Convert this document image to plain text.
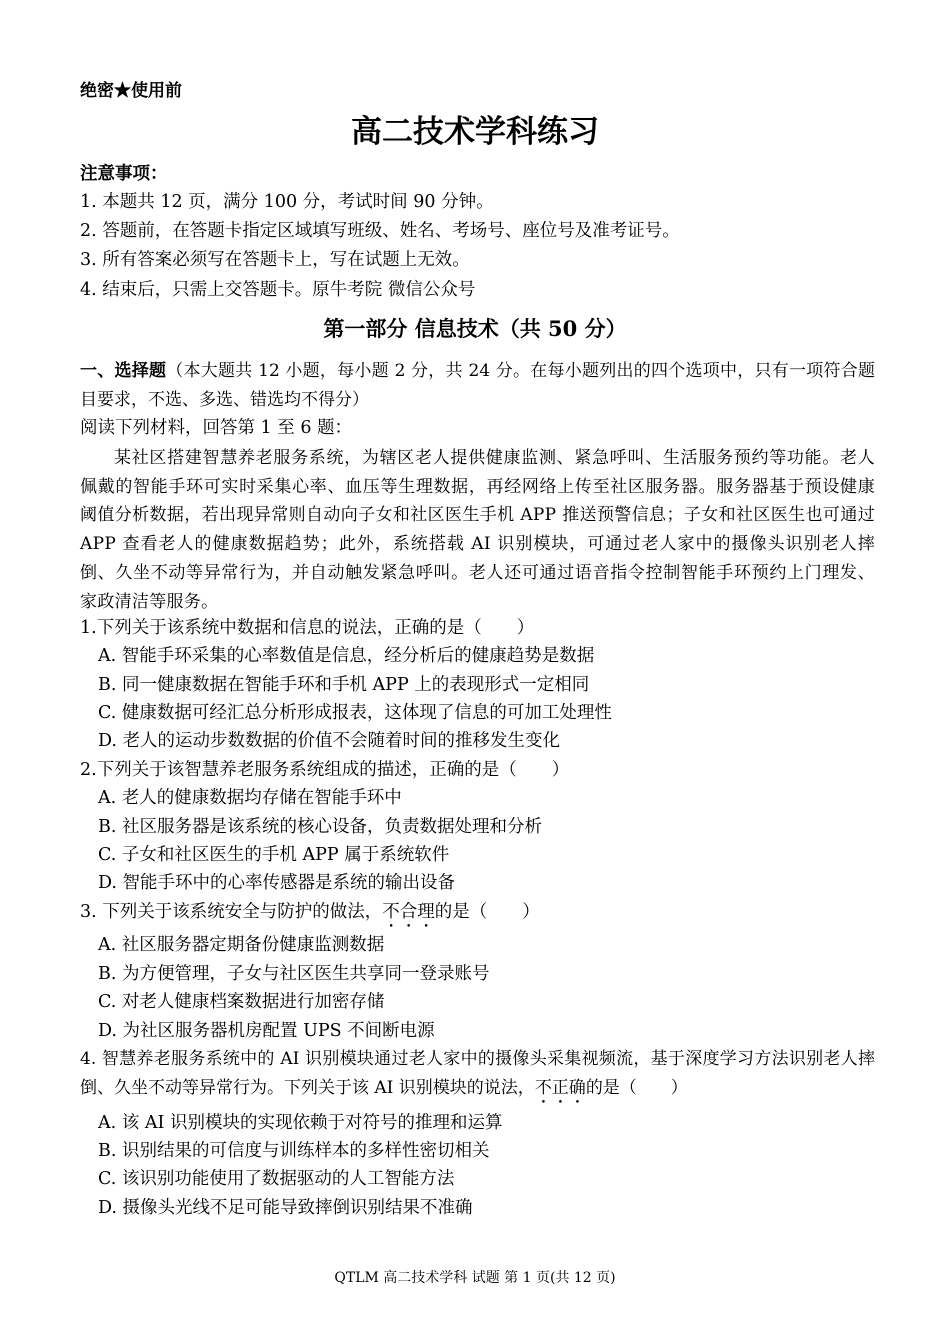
绝密★使用前
高二技术学科练习
注意事项：
1. 本题共 12 页，满分 100 分，考试时间 90 分钟。
2. 答题前，在答题卡指定区域填写班级、姓名、考场号、座位号及准考证号。
3. 所有答案必须写在答题卡上，写在试题上无效。
4. 结束后，只需上交答题卡。原牛考院 微信公众号
第一部分 信息技术（共 50 分）
一、选择题（本大题共 12 小题，每小题 2 分，共 24 分。在每小题列出的四个选项中，只有一项符合题目要求，不选、多选、错选均不得分）
阅读下列材料，回答第 1 至 6 题：
某社区搭建智慧养老服务系统，为辖区老人提供健康监测、紧急呼叫、生活服务预约等功能。老人佩戴的智能手环可实时采集心率、血压等生理数据，再经网络上传至社区服务器。服务器基于预设健康阈值分析数据，若出现异常则自动向子女和社区医生手机 APP 推送预警信息；子女和社区医生也可通过 APP 查看老人的健康数据趋势；此外，系统搭载 AI 识别模块，可通过老人家中的摄像头识别老人摔倒、久坐不动等异常行为，并自动触发紧急呼叫。老人还可通过语音指令控制智能手环预约上门理发、家政清洁等服务。
1.下列关于该系统中数据和信息的说法，正确的是（　　）
A. 智能手环采集的心率数值是信息，经分析后的健康趋势是数据
B. 同一健康数据在智能手环和手机 APP 上的表现形式一定相同
C. 健康数据可经汇总分析形成报表，这体现了信息的可加工处理性
D. 老人的运动步数数据的价值不会随着时间的推移发生变化
2.下列关于该智慧养老服务系统组成的描述，正确的是（　　）
A. 老人的健康数据均存储在智能手环中
B. 社区服务器是该系统的核心设备，负责数据处理和分析
C. 子女和社区医生的手机 APP 属于系统软件
D. 智能手环中的心率传感器是系统的输出设备
3. 下列关于该系统安全与防护的做法，不合理的是（　　）
A. 社区服务器定期备份健康监测数据
B. 为方便管理，子女与社区医生共享同一登录账号
C. 对老人健康档案数据进行加密存储
D. 为社区服务器机房配置 UPS 不间断电源
4. 智慧养老服务系统中的 AI 识别模块通过老人家中的摄像头采集视频流，基于深度学习方法识别老人摔倒、久坐不动等异常行为。下列关于该 AI 识别模块的说法，不正确的是（　　）
A. 该 AI 识别模块的实现依赖于对符号的推理和运算
B. 识别结果的可信度与训练样本的多样性密切相关
C. 该识别功能使用了数据驱动的人工智能方法
D. 摄像头光线不足可能导致摔倒识别结果不准确
QTLM 高二技术学科 试题 第 1 页(共 12 页)
